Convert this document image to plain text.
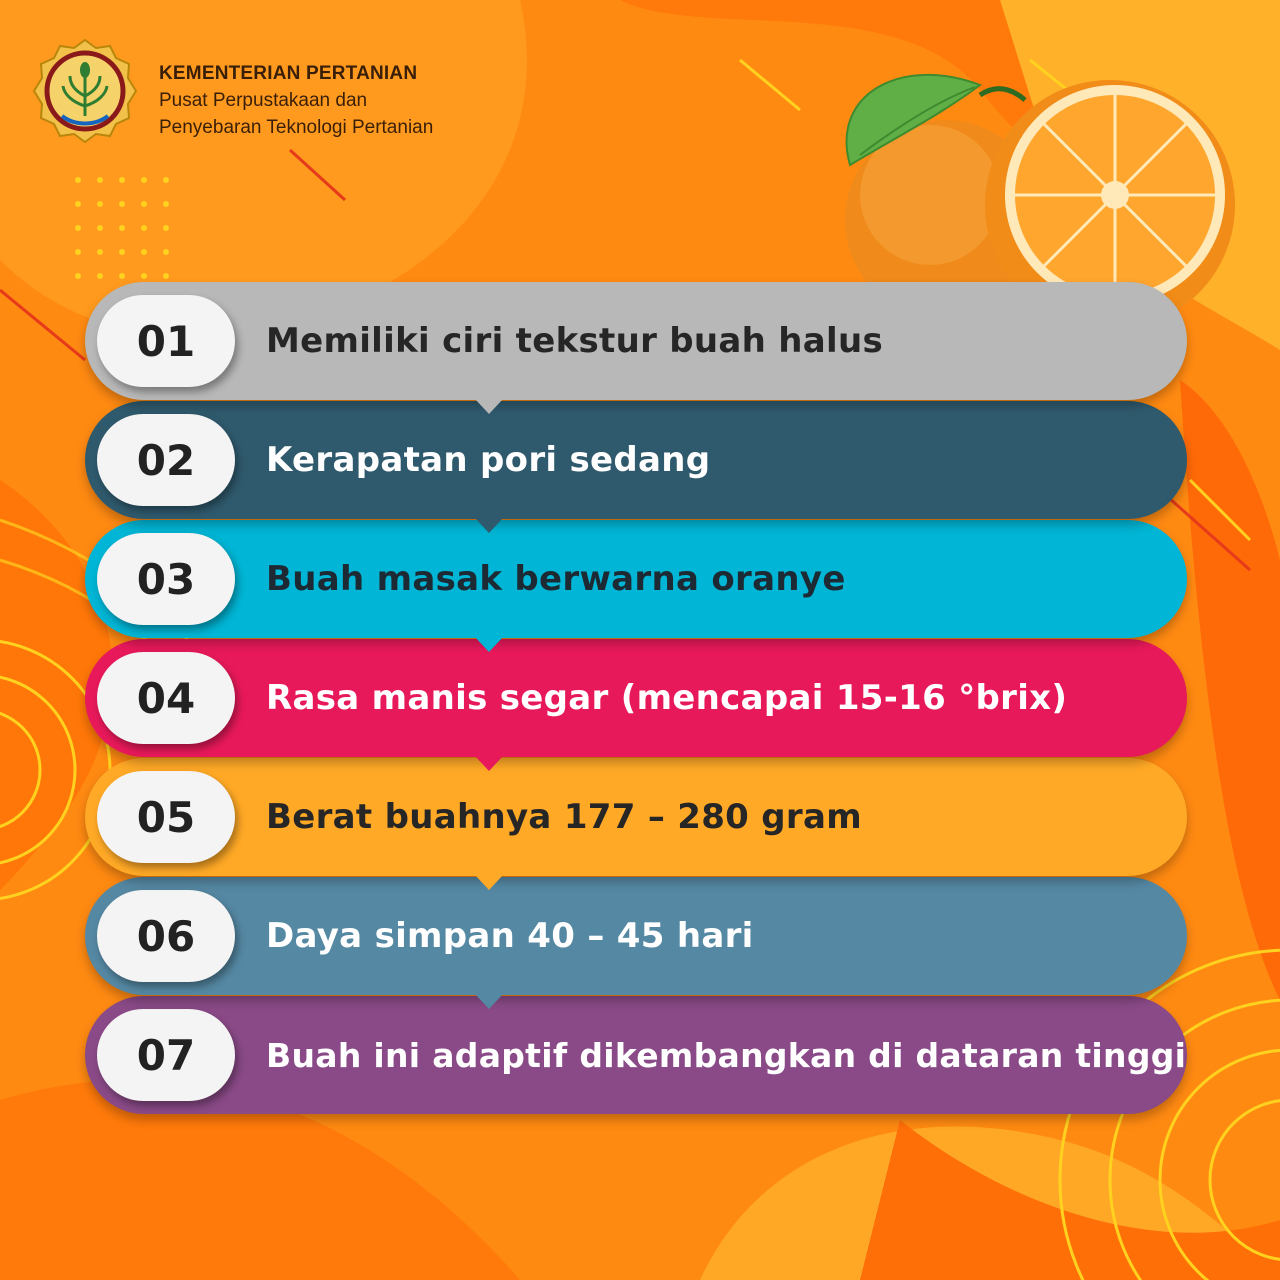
KEMENTERIAN PERTANIAN
Pusat Perpustakaan dan
Penyebaran Teknologi Pertanian
01	Memiliki ciri tekstur buah halus
02	Kerapatan pori sedang
03	Buah masak berwarna oranye
04	Rasa manis segar (mencapai 15-16 °brix)
05	Berat buahnya 177 – 280 gram
06	Daya simpan 40 – 45 hari
07	Buah ini adaptif dikembangkan di dataran tinggi
